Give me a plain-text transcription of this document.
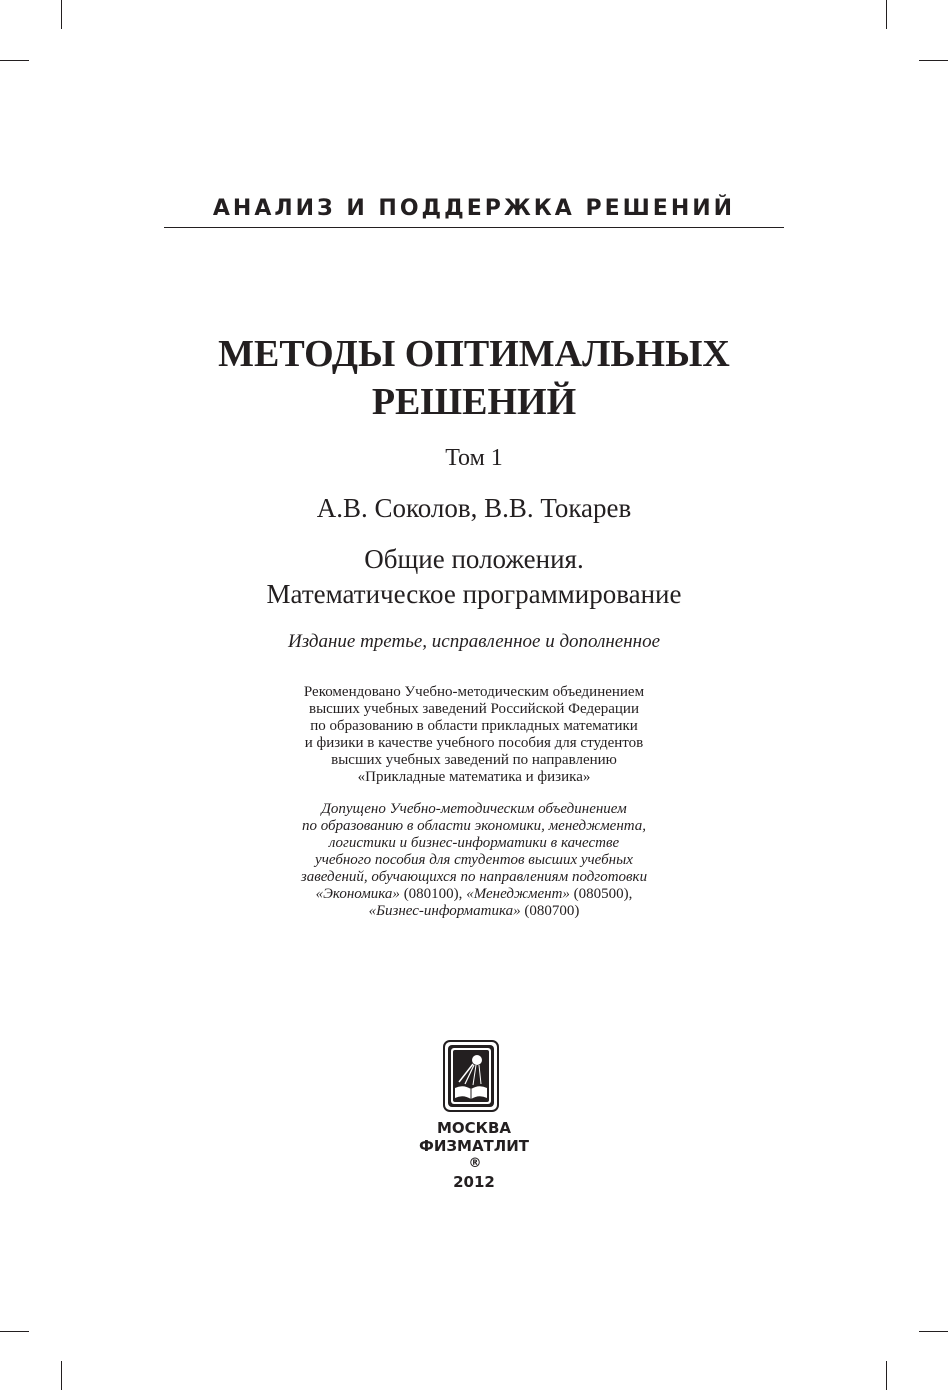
АНАЛИЗ И ПОДДЕРЖКА РЕШЕНИЙ
МЕТОДЫ ОПТИМАЛЬНЫХ
РЕШЕНИЙ
Том 1
А.В. Соколов, В.В. Токарев
Общие положения.
Математическое программирование
Издание третье, исправленное и дополненное
Рекомендовано Учебно-методическим объединением
высших учебных заведений Российской Федерации
по образованию в области прикладных математики
и физики в качестве учебного пособия для студентов
высших учебных заведений по направлению
«Прикладные математика и физика»
Допущено Учебно-методическим объединением
по образованию в области экономики, менеджмента,
логистики и бизнес-информатики в качестве
учебного пособия для студентов высших учебных
заведений, обучающихся по направлениям подготовки
«Экономика» (080100), «Менеджмент» (080500),
«Бизнес-информатика» (080700)
МОСКВА
ФИЗМАТЛИТ
®
2012
